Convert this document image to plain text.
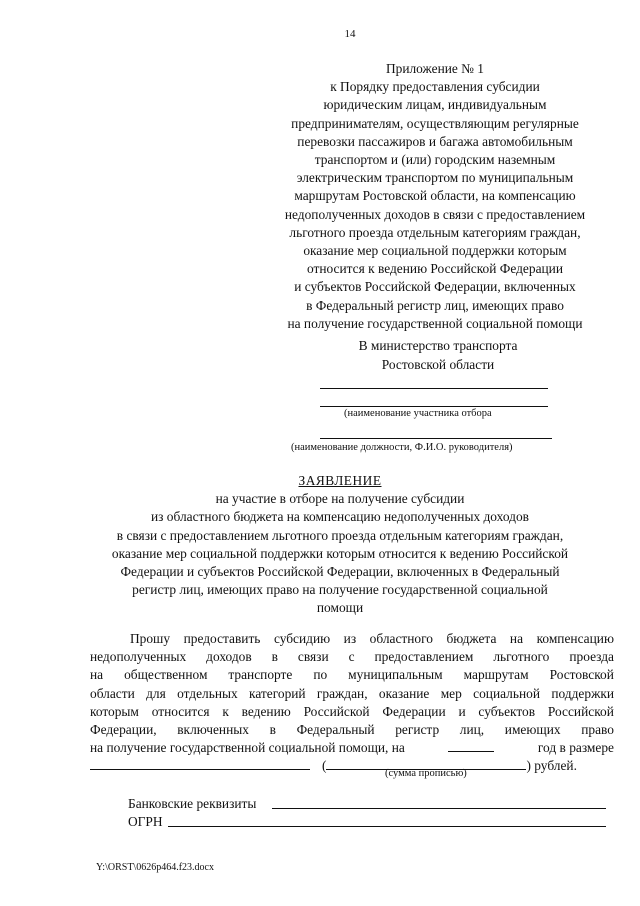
14
Приложение № 1
к Порядку предоставления субсидии
юридическим лицам, индивидуальным
предпринимателям, осуществляющим регулярные
перевозки пассажиров и багажа автомобильным
транспортом и (или) городским наземным
электрическим транспортом по муниципальным
маршрутам Ростовской области, на компенсацию
недополученных доходов в связи с предоставлением
льготного проезда отдельным категориям граждан,
оказание мер социальной поддержки которым
относится к ведению Российской Федерации
и субъектов Российской Федерации, включенных
в Федеральный регистр лиц, имеющих право
на получение государственной социальной помощи
В министерство транспорта
Ростовской области
(наименование участника отбора
(наименование должности, Ф.И.О. руководителя)
ЗАЯВЛЕНИЕ
на участие в отборе на получение субсидии
из областного бюджета на компенсацию недополученных доходов
в связи с предоставлением льготного проезда отдельным категориям граждан,
оказание мер социальной поддержки которым относится к ведению Российской
Федерации и субъектов Российской Федерации, включенных в Федеральный
регистр лиц, имеющих право на получение государственной социальной
помощи
Прошу предоставить субсидию из областного бюджета на компенсацию
недополученных доходов в связи с предоставлением льготного проезда
на общественном транспорте по муниципальным маршрутам Ростовской
области для отдельных категорий граждан, оказание мер социальной поддержки
которым относится к ведению Российской Федерации и субъектов Российской
Федерации, включенных в Федеральный регистр лиц, имеющих право
на получение государственной социальной помощи, на	год в размере
(	) рублей.
(сумма прописью)
Банковские реквизиты
ОГРН
Y:\ORST\0626p464.f23.docx
